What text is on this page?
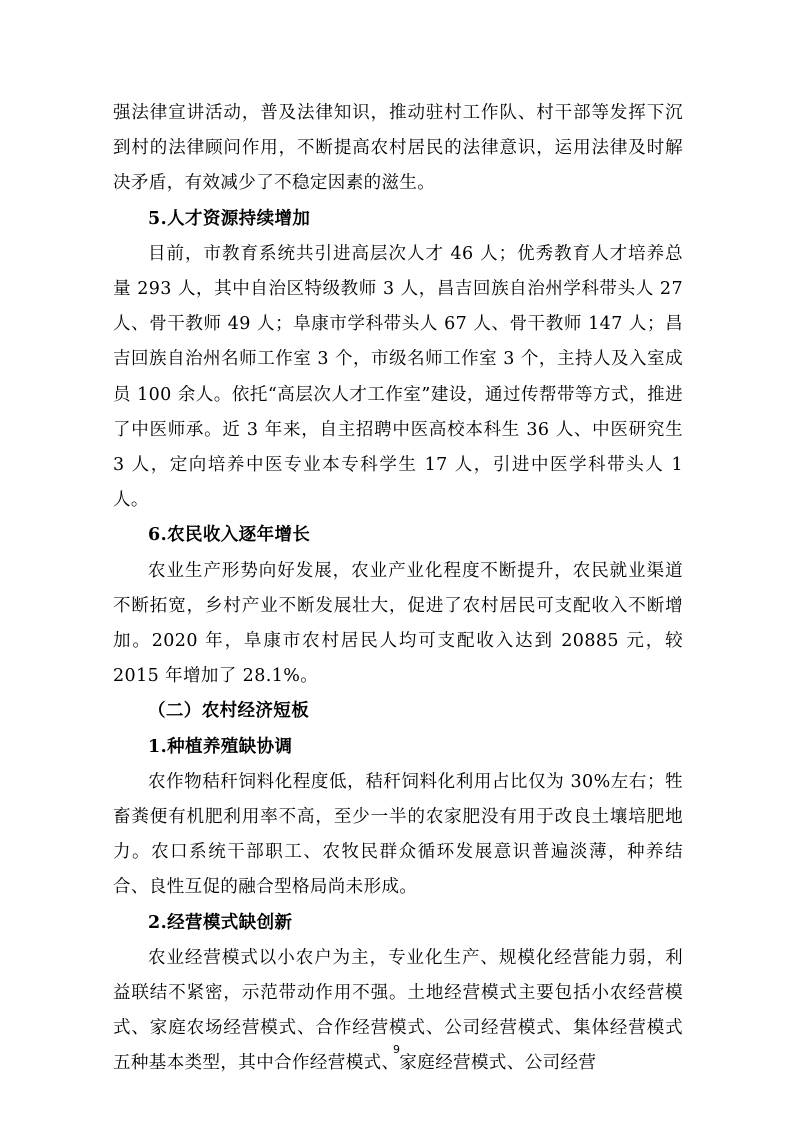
强法律宣讲活动，普及法律知识，推动驻村工作队、村干部等发挥下沉到村的法律顾问作用，不断提高农村居民的法律意识，运用法律及时解决矛盾，有效减少了不稳定因素的滋生。

5.人才资源持续增加

目前，市教育系统共引进高层次人才 46 人；优秀教育人才培养总量 293 人，其中自治区特级教师 3 人，昌吉回族自治州学科带头人 27 人、骨干教师 49 人；阜康市学科带头人 67 人、骨干教师 147 人；昌吉回族自治州名师工作室 3 个，市级名师工作室 3 个，主持人及入室成员 100 余人。依托“高层次人才工作室”建设，通过传帮带等方式，推进了中医师承。近 3 年来，自主招聘中医高校本科生 36 人、中医研究生 3 人，定向培养中医专业本专科学生 17 人，引进中医学科带头人 1 人。

6.农民收入逐年增长

农业生产形势向好发展，农业产业化程度不断提升，农民就业渠道不断拓宽，乡村产业不断发展壮大，促进了农村居民可支配收入不断增加。2020 年，阜康市农村居民人均可支配收入达到 20885 元，较 2015 年增加了 28.1%。

（二）农村经济短板

1.种植养殖缺协调

农作物秸秆饲料化程度低，秸秆饲料化利用占比仅为 30%左右；牲畜粪便有机肥利用率不高，至少一半的农家肥没有用于改良土壤培肥地力。农口系统干部职工、农牧民群众循环发展意识普遍淡薄，种养结合、良性互促的融合型格局尚未形成。

2.经营模式缺创新

农业经营模式以小农户为主，专业化生产、规模化经营能力弱，利益联结不紧密，示范带动作用不强。土地经营模式主要包括小农经营模式、家庭农场经营模式、合作经营模式、公司经营模式、集体经营模式五种基本类型，其中合作经营模式、家庭经营模式、公司经营

9
